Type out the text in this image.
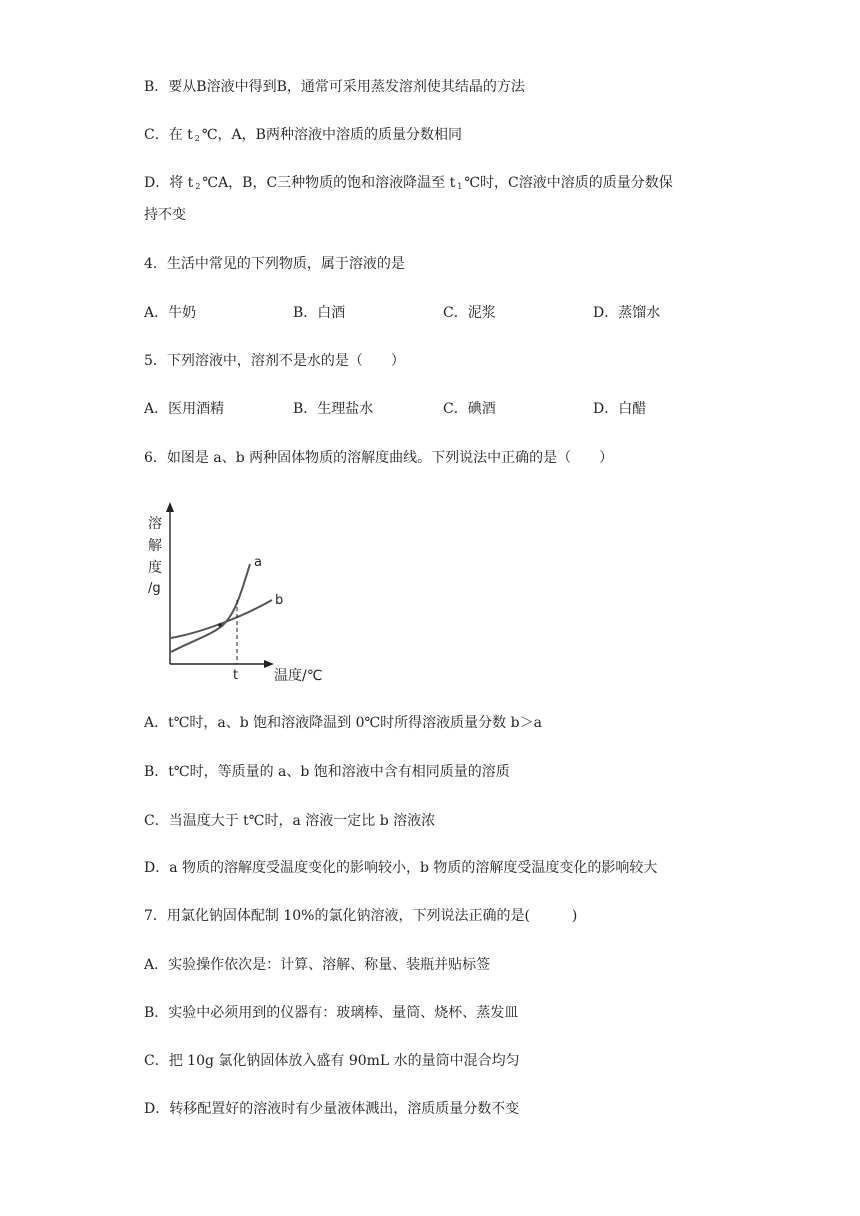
B．要从B溶液中得到B，通常可采用蒸发溶剂使其结晶的方法
C．在 t $_2$ ℃，A，B两种溶液中溶质的质量分数相同
D．将 t $_2$ ℃A，B，C三种物质的饱和溶液降温至 t $_1$ ℃时，C溶液中溶质的质量分数保
持不变
4．生活中常见的下列物质，属于溶液的是
A．牛奶	B．白酒	C．泥浆	D．蒸馏水
5．下列溶液中，溶剂不是水的是（　　）
A．医用酒精	B．生理盐水	C．碘酒	D．白醋
6．如图是 a、b 两种固体物质的溶解度曲线。下列说法中正确的是（　　）
溶
解
度
/g
a
b
t	温度/℃
A．t℃时，a、b 饱和溶液降温到 0℃时所得溶液质量分数 b＞a
B．t℃时，等质量的 a、b 饱和溶液中含有相同质量的溶质
C．当温度大于 t℃时，a 溶液一定比 b 溶液浓
D．a 物质的溶解度受温度变化的影响较小，b 物质的溶解度受温度变化的影响较大
7．用氯化钠固体配制 10%的氯化钠溶液，下列说法正确的是(　　　)
A．实验操作依次是：计算、溶解、称量、装瓶并贴标签
B．实验中必须用到的仪器有：玻璃棒、量筒、烧杯、蒸发皿
C．把 10g 氯化钠固体放入盛有 90mL 水的量筒中混合均匀
D．转移配置好的溶液时有少量液体溅出，溶质质量分数不变
